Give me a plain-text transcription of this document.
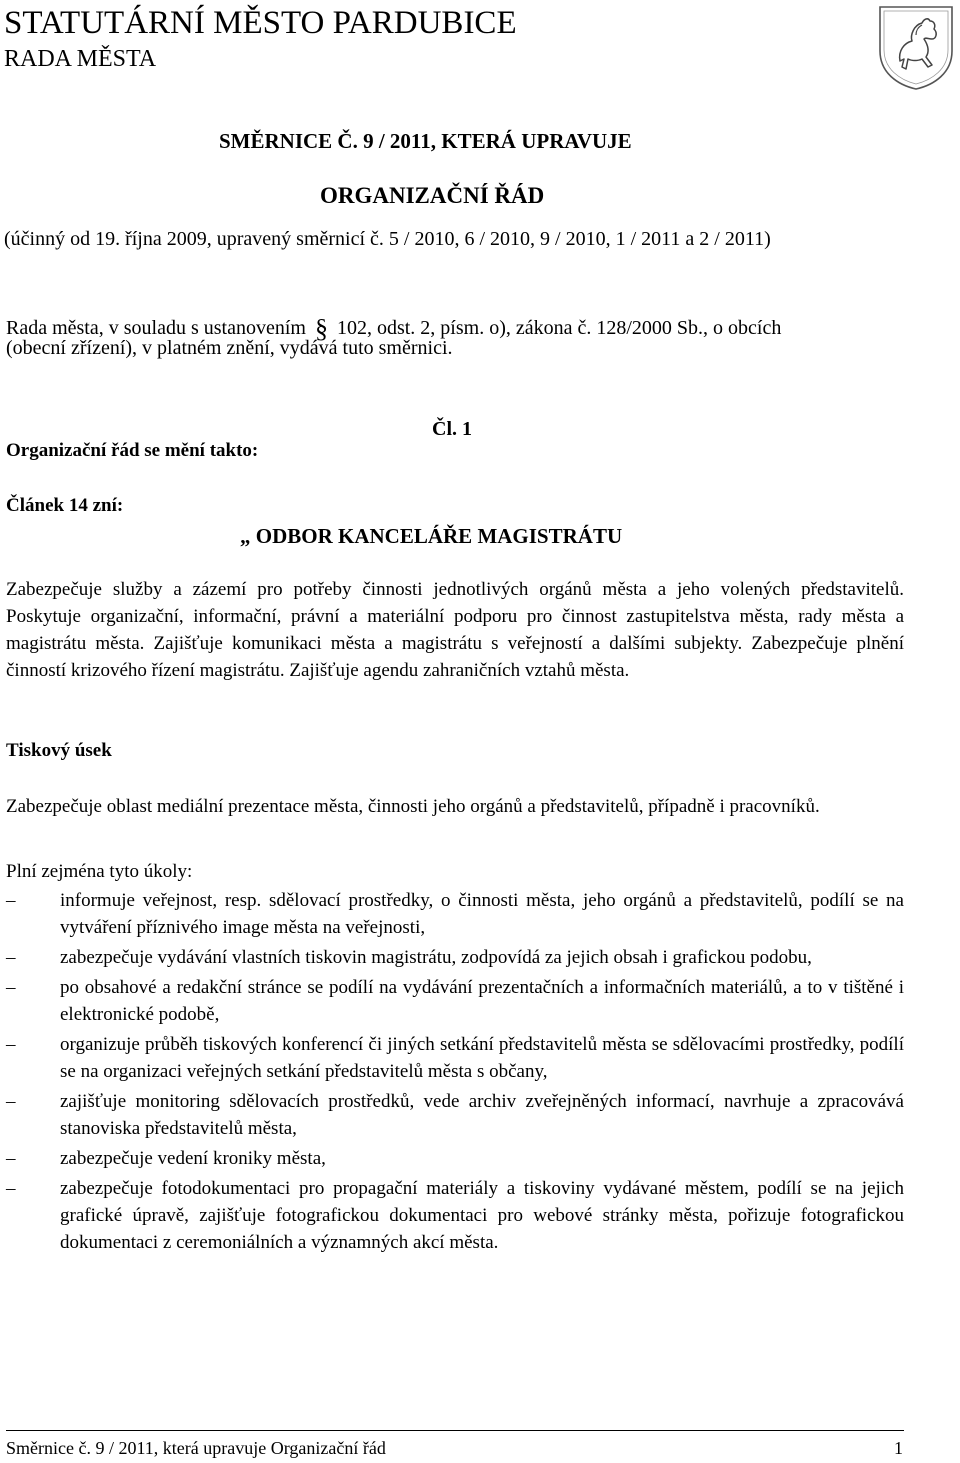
STATUTÁRNÍ MĚSTO PARDUBICE
RADA MĚSTA
SMĚRNICE Č. 9 / 2011, KTERÁ UPRAVUJE
ORGANIZAČNÍ ŘÁD
(účinný od 19. října 2009, upravený směrnicí č. 5 / 2010, 6 / 2010, 9 / 2010, 1 / 2011 a 2 / 2011)
Rada města, v souladu s ustanovením § 102, odst. 2, písm. o), zákona č. 128/2000 Sb., o obcích
(obecní zřízení), v platném znění, vydává tuto směrnici.
Organizační řád se mění takto:
Čl. 1
Článek 14 zní:
„ ODBOR KANCELÁŘE MAGISTRÁTU
Zabezpečuje služby a zázemí pro potřeby činnosti jednotlivých orgánů města a jeho volených představitelů. Poskytuje organizační, informační, právní a materiální podporu pro činnost zastupitelstva města, rady města a magistrátu města. Zajišťuje komunikaci města a magistrátu s veřejností a dalšími subjekty. Zabezpečuje plnění činností krizového řízení magistrátu. Zajišťuje agendu zahraničních vztahů města.
Tiskový úsek
Zabezpečuje oblast mediální prezentace města, činnosti jeho orgánů a představitelů, případně i pracovníků.
Plní zejména tyto úkoly:
–	informuje veřejnost, resp. sdělovací prostředky, o činnosti města, jeho orgánů a představitelů, podílí se na vytváření příznivého image města na veřejnosti,
–	zabezpečuje vydávání vlastních tiskovin magistrátu, zodpovídá za jejich obsah i grafickou podobu,
–	po obsahové a redakční stránce se podílí na vydávání prezentačních a informačních materiálů, a to v tištěné i elektronické podobě,
–	organizuje průběh tiskových konferencí či jiných setkání představitelů města se sdělovacími prostředky, podílí se na organizaci veřejných setkání představitelů města s občany,
–	zajišťuje monitoring sdělovacích prostředků, vede archiv zveřejněných informací, navrhuje a zpracovává stanoviska představitelů města,
–	zabezpečuje vedení kroniky města,
–	zabezpečuje fotodokumentaci pro propagační materiály a tiskoviny vydávané městem, podílí se na jejich grafické úpravě, zajišťuje fotografickou dokumentaci pro webové stránky města, pořizuje fotografickou dokumentaci z ceremoniálních a významných akcí města.
Směrnice č. 9 / 2011, která upravuje Organizační řád	1
